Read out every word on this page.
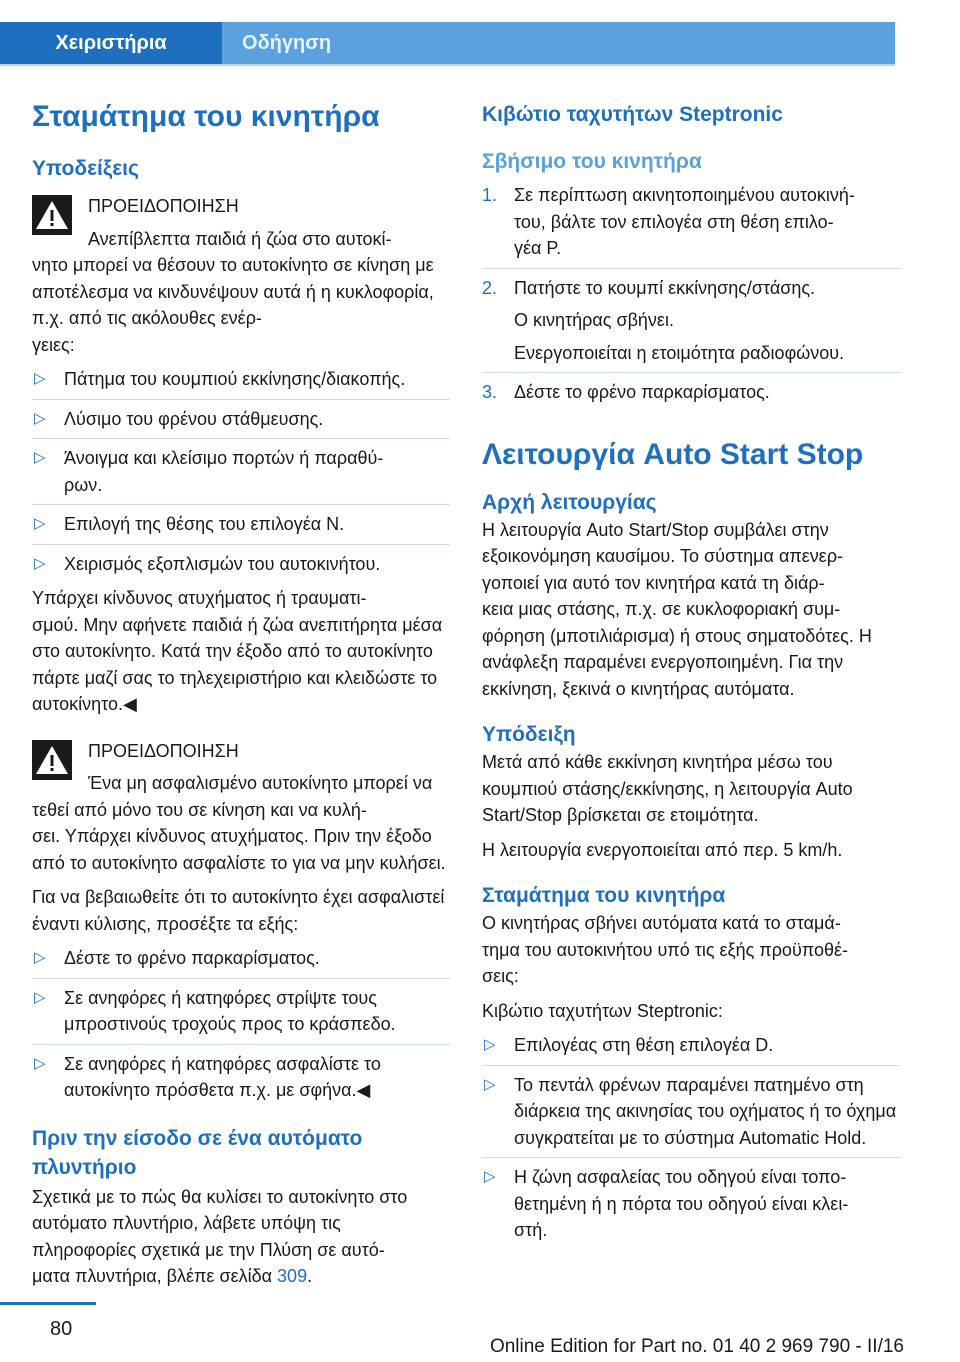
Χειριστήρια	Οδήγηση
Σταμάτημα του κινητήρα
Υποδείξεις

ΠΡΟΕΙΔΟΠΟΙΗΣΗ

Ανεπίβλεπτα παιδιά ή ζώα στο αυτοκί‐
νητο μπορεί να θέσουν το αυτοκίνητο σε κίνηση με αποτέλεσμα να κινδυνέψουν αυτά ή η κυκλοφορία, π.χ. από τις ακόλουθες ενέρ‐
γειες:

▷ Πάτημα του κουμπιού εκκίνησης/διακοπής.
▷ Λύσιμο του φρένου στάθμευσης.
▷ Άνοιγμα και κλείσιμο πορτών ή παραθύ‐
ρων.
▷ Επιλογή της θέσης του επιλογέα N.
▷ Χειρισμός εξοπλισμών του αυτοκινήτου.

Υπάρχει κίνδυνος ατυχήματος ή τραυματι‐
σμού. Μην αφήνετε παιδιά ή ζώα ανεπιτήρητα μέσα στο αυτοκίνητο. Κατά την έξοδο από το αυτοκίνητο πάρτε μαζί σας το τηλεχειριστήριο και κλειδώστε το αυτοκίνητο.◀

ΠΡΟΕΙΔΟΠΟΙΗΣΗ

Ένα μη ασφαλισμένο αυτοκίνητο μπορεί να τεθεί από μόνο του σε κίνηση και να κυλή‐
σει. Υπάρχει κίνδυνος ατυχήματος. Πριν την έξοδο από το αυτοκίνητο ασφαλίστε το για να μην κυλήσει.

Για να βεβαιωθείτε ότι το αυτοκίνητο έχει ασφαλιστεί έναντι κύλισης, προσέξτε τα εξής:

▷ Δέστε το φρένο παρκαρίσματος.
▷ Σε ανηφόρες ή κατηφόρες στρίψτε τους μπροστινούς τροχούς προς το κράσπεδο.
▷ Σε ανηφόρες ή κατηφόρες ασφαλίστε το αυτοκίνητο πρόσθετα π.χ. με σφήνα.◀
Πριν την είσοδο σε ένα αυτόματο πλυντήριο

Σχετικά με το πώς θα κυλίσει το αυτοκίνητο στο αυτόματο πλυντήριο, λάβετε υπόψη τις πληροφορίες σχετικά με την Πλύση σε αυτό‐
ματα πλυντήρια, βλέπε σελίδα 309.

Κιβώτιο ταχυτήτων Steptronic
Σβήσιμο του κινητήρα
1. Σε περίπτωση ακινητοποιημένου αυτοκινή‐
του, βάλτε τον επιλογέα στη θέση επιλο‐
γέα P.
2. Πατήστε το κουμπί εκκίνησης/στάσης.
Ο κινητήρας σβήνει.
Ενεργοποιείται η ετοιμότητα ραδιοφώνου.
3. Δέστε το φρένο παρκαρίσματος.
Λειτουργία Auto Start Stop
Αρχή λειτουργίας

Η λειτουργία Auto Start/Stop συμβάλει στην εξοικονόμηση καυσίμου. Το σύστημα απενερ‐
γοποιεί για αυτό τον κινητήρα κατά τη διάρ‐
κεια μιας στάσης, π.χ. σε κυκλοφοριακή συμ‐
φόρηση (μποτιλιάρισμα) ή στους σηματοδότες. Η ανάφλεξη παραμένει ενεργοποιημένη. Για την εκκίνηση, ξεκινά ο κινητήρας αυτόματα.

Υπόδειξη

Μετά από κάθε εκκίνηση κινητήρα μέσω του κουμπιού στάσης/εκκίνησης, η λειτουργία Auto Start/Stop βρίσκεται σε ετοιμότητα.

Η λειτουργία ενεργοποιείται από περ. 5 km/h.

Σταμάτημα του κινητήρα

Ο κινητήρας σβήνει αυτόματα κατά το σταμά‐
τημα του αυτοκινήτου υπό τις εξής προϋποθέ‐
σεις:

Κιβώτιο ταχυτήτων Steptronic:

▷ Επιλογέας στη θέση επιλογέα D.
▷ Το πεντάλ φρένων παραμένει πατημένο στη διάρκεια της ακινησίας του οχήματος ή το όχημα συγκρατείται με το σύστημα Automatic Hold.
▷ Η ζώνη ασφαλείας του οδηγού είναι τοπο‐
θετημένη ή η πόρτα του οδηγού είναι κλει‐
στή.
80
Online Edition for Part no. 01 40 2 969 790 - II/16
